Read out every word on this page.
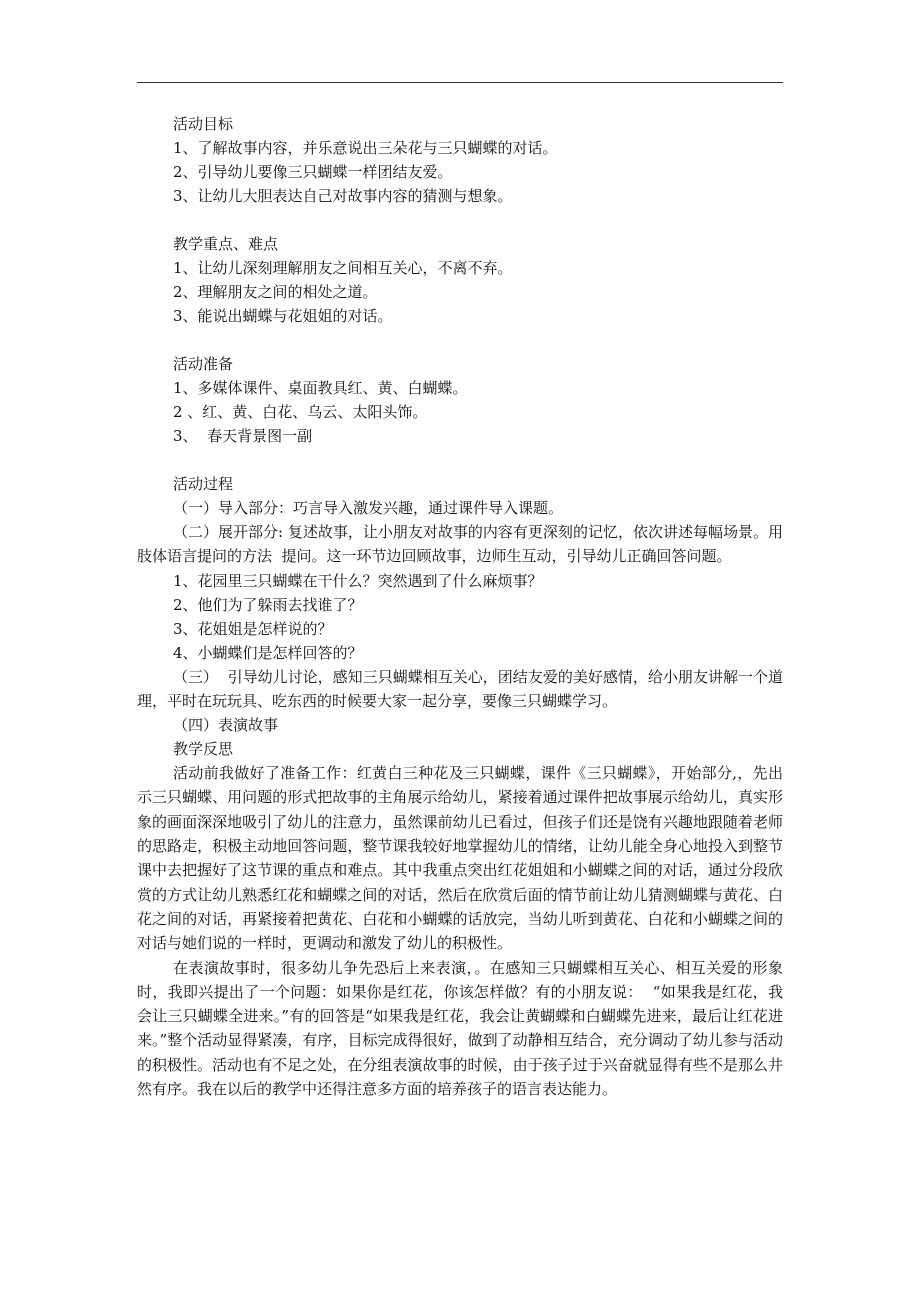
活动目标
1、了解故事内容，并乐意说出三朵花与三只蝴蝶的对话。
2、引导幼儿要像三只蝴蝶一样团结友爱。
3、让幼儿大胆表达自己对故事内容的猜测与想象。
教学重点、难点
1、让幼儿深刻理解朋友之间相互关心，不离不弃。
2、理解朋友之间的相处之道。
3、能说出蝴蝶与花姐姐的对话。
活动准备
1、多媒体课件、桌面教具红、黄、白蝴蝶。
2 、红、黄、白花、乌云、太阳头饰。
3、  春天背景图一副
活动过程
（一）导入部分：巧言导入激发兴趣，通过课件导入课题。
（二）展开部分: 复述故事，让小朋友对故事的内容有更深刻的记忆，依次讲述每幅场景。用  肢体语言提问的方法  提问。这一环节边回顾故事，边师生互动，引导幼儿正确回答问题。
1、花园里三只蝴蝶在干什么？突然遇到了什么麻烦事？
2、他们为了躲雨去找谁了？
3、花姐姐是怎样说的？
4、小蝴蝶们是怎样回答的？
（三）  引导幼儿讨论，感知三只蝴蝶相互关心，团结友爱的美好感情，给小朋友讲解一个道理，平时在玩玩具、吃东西的时候要大家一起分享，要像三只蝴蝶学习。
（四）表演故事
教学反思
活动前我做好了准备工作：红黄白三种花及三只蝴蝶，课件《三只蝴蝶》，开始部分,，先出示三只蝴蝶、用问题的形式把故事的主角展示给幼儿，紧接着通过课件把故事展示给幼儿，真实形象的画面深深地吸引了幼儿的注意力，虽然课前幼儿已看过，但孩子们还是饶有兴趣地跟随着老师的思路走，积极主动地回答问题，整节课我较好地掌握幼儿的情绪，让幼儿能全身心地投入到整节课中去把握好了这节课的重点和难点。其中我重点突出红花姐姐和小蝴蝶之间的对话，通过分段欣赏的方式让幼儿熟悉红花和蝴蝶之间的对话，然后在欣赏后面的情节前让幼儿猜测蝴蝶与黄花、白花之间的对话，再紧接着把黄花、白花和小蝴蝶的话放完，当幼儿听到黄花、白花和小蝴蝶之间的对话与她们说的一样时，更调动和激发了幼儿的积极性。
在表演故事时，很多幼儿争先恐后上来表演，。在感知三只蝴蝶相互关心、相互关爱的形象时，我即兴提出了一个问题：如果你是红花，你该怎样做？有的小朋友说：  “如果我是红花，我会让三只蝴蝶全进来。”有的回答是“如果我是红花，我会让黄蝴蝶和白蝴蝶先进来，最后让红花进来。”整个活动显得紧凑，有序，目标完成得很好，做到了动静相互结合，充分调动了幼儿参与活动的积极性。活动也有不足之处，在分组表演故事的时候，由于孩子过于兴奋就显得有些不是那么井然有序。我在以后的教学中还得注意多方面的培养孩子的语言表达能力。
